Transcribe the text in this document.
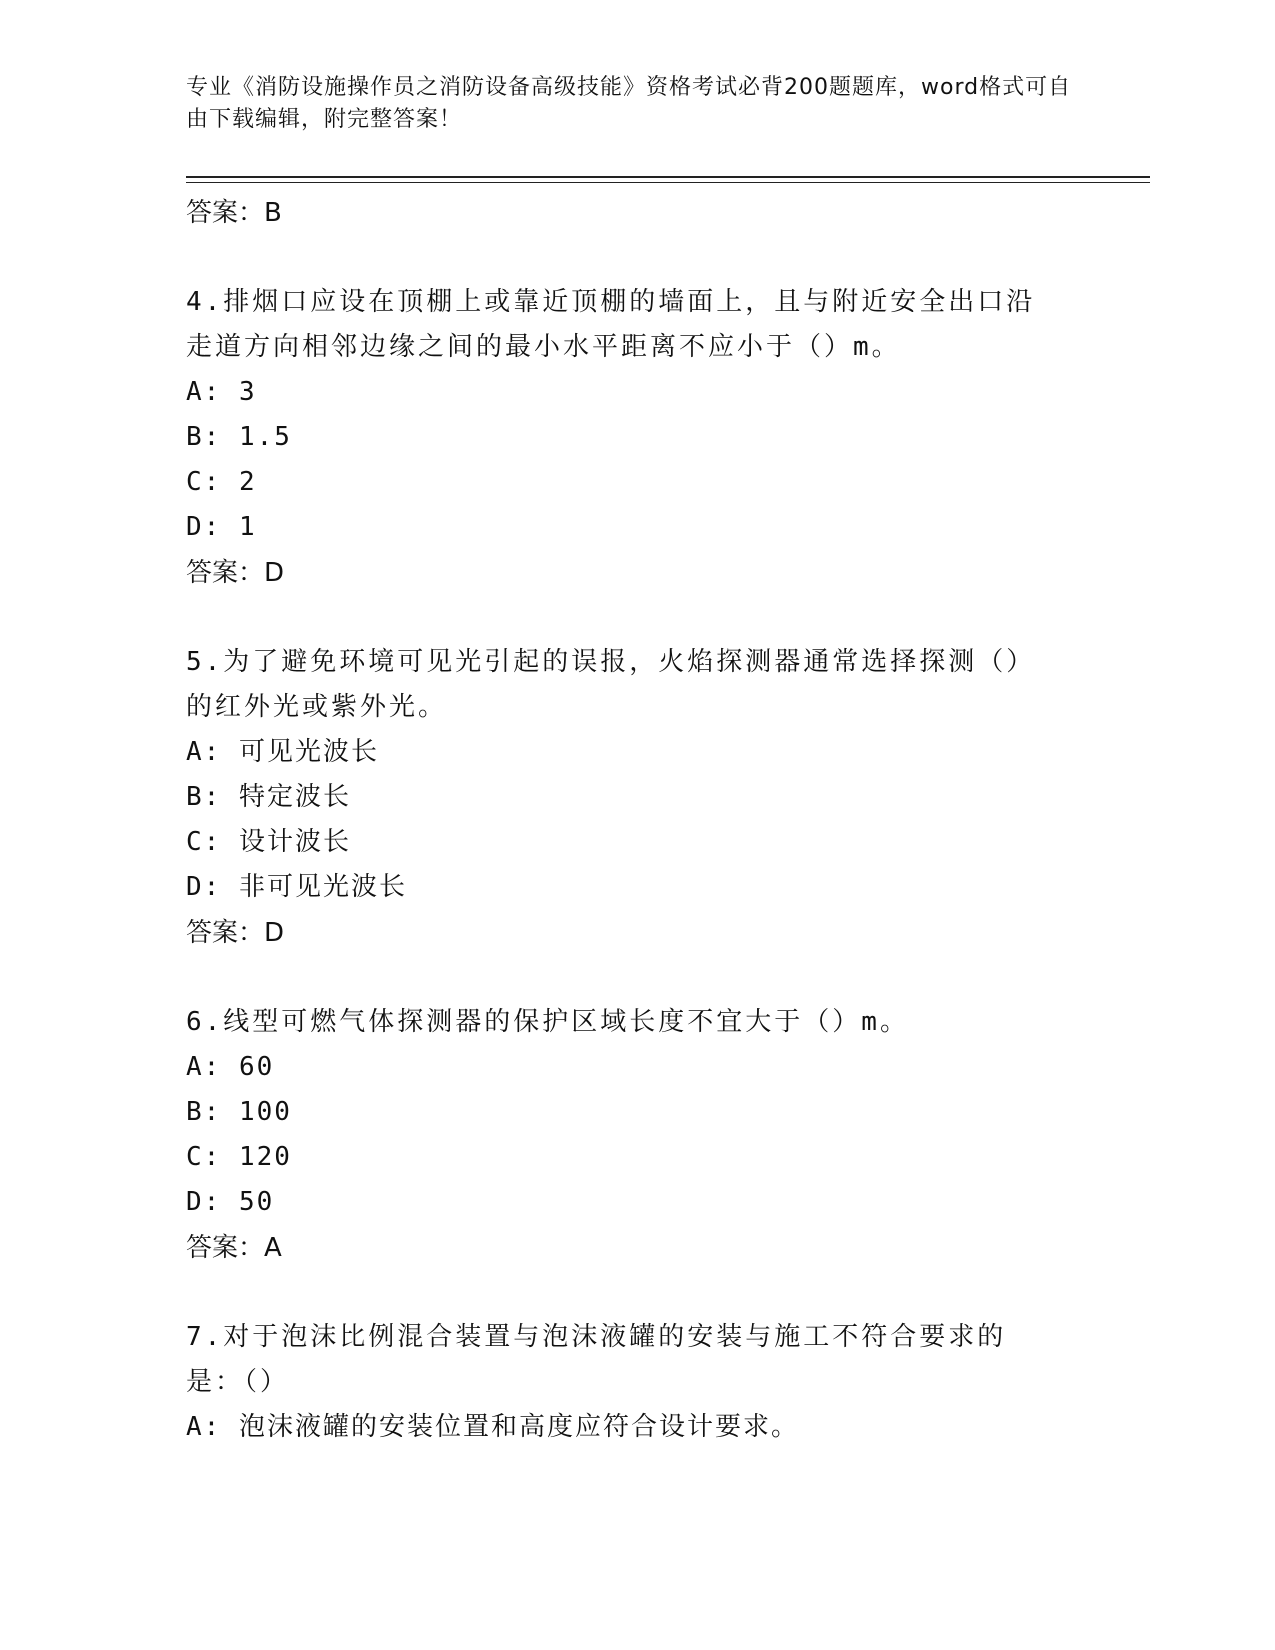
专业《消防设施操作员之消防设备高级技能》资格考试必背200题题库，word格式可自由下载编辑，附完整答案！
答案：B
4.排烟口应设在顶棚上或靠近顶棚的墙面上，且与附近安全出口沿走道方向相邻边缘之间的最小水平距离不应小于（）m。
A: 3
B: 1.5
C: 2
D: 1
答案：D
5.为了避免环境可见光引起的误报，火焰探测器通常选择探测（）的红外光或紫外光。
A: 可见光波长
B: 特定波长
C: 设计波长
D: 非可见光波长
答案：D
6.线型可燃气体探测器的保护区域长度不宜大于（）m。
A: 60
B: 100
C: 120
D: 50
答案：A
7.对于泡沫比例混合装置与泡沫液罐的安装与施工不符合要求的是：（）
A: 泡沫液罐的安装位置和高度应符合设计要求。
